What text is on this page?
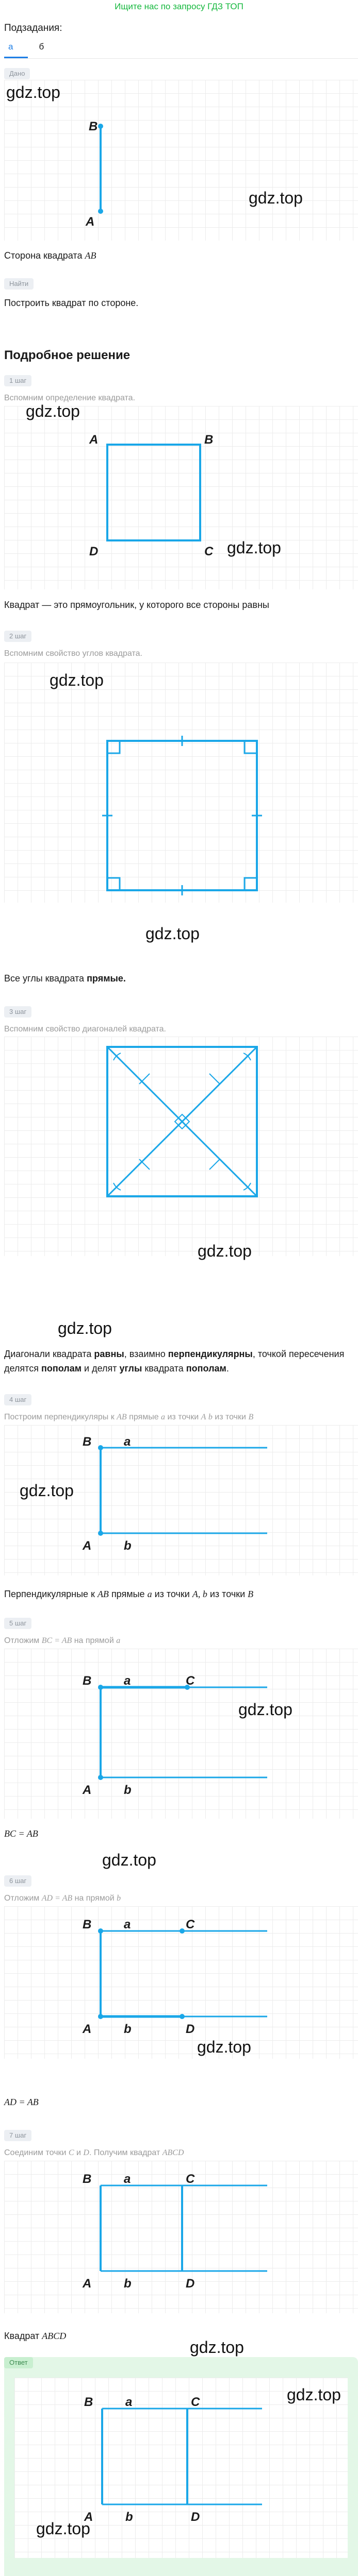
Ищите нас по запросу ГДЗ ТОП
Подзадания:
а	б
Дано
B
A
gdz.top
gdz.top
Сторона квадрата AB
Найти
Построить квадрат по стороне.
Подробное решение
1 шаг
Вспомним определение квадрата.
A	B
D	C
gdz.top
gdz.top
Квадрат — это прямоугольник, у которого все стороны равны
2 шаг
Вспомним свойство углов квадрата.
gdz.top
gdz.top
Все углы квадрата прямые.
3 шаг
Вспомним свойство диагоналей квадрата.
gdz.top
gdz.top
Диагонали квадрата равны, взаимно перпендикулярны, точкой пересечения делятся пополам и делят углы квадрата пополам.
4 шаг
Построим перпендикуляры к AB прямые a из точки A b из точки B
B	a
A	b
gdz.top
Перпендикулярные к AB прямые a из точки A, b из точки B
5 шаг
Отложим BC = AB на прямой a
B	a	C
A	b
gdz.top
BC = AB
gdz.top
6 шаг
Отложим AD = AB на прямой b
B	a	C
A	b	D
gdz.top
AD = AB
7 шаг
Соединим точки C и D. Получим квадрат ABCD
B	a	C
A	b	D
Квадрат ABCD
gdz.top
Ответ
B	a	C
A	b	D
gdz.top
gdz.top
